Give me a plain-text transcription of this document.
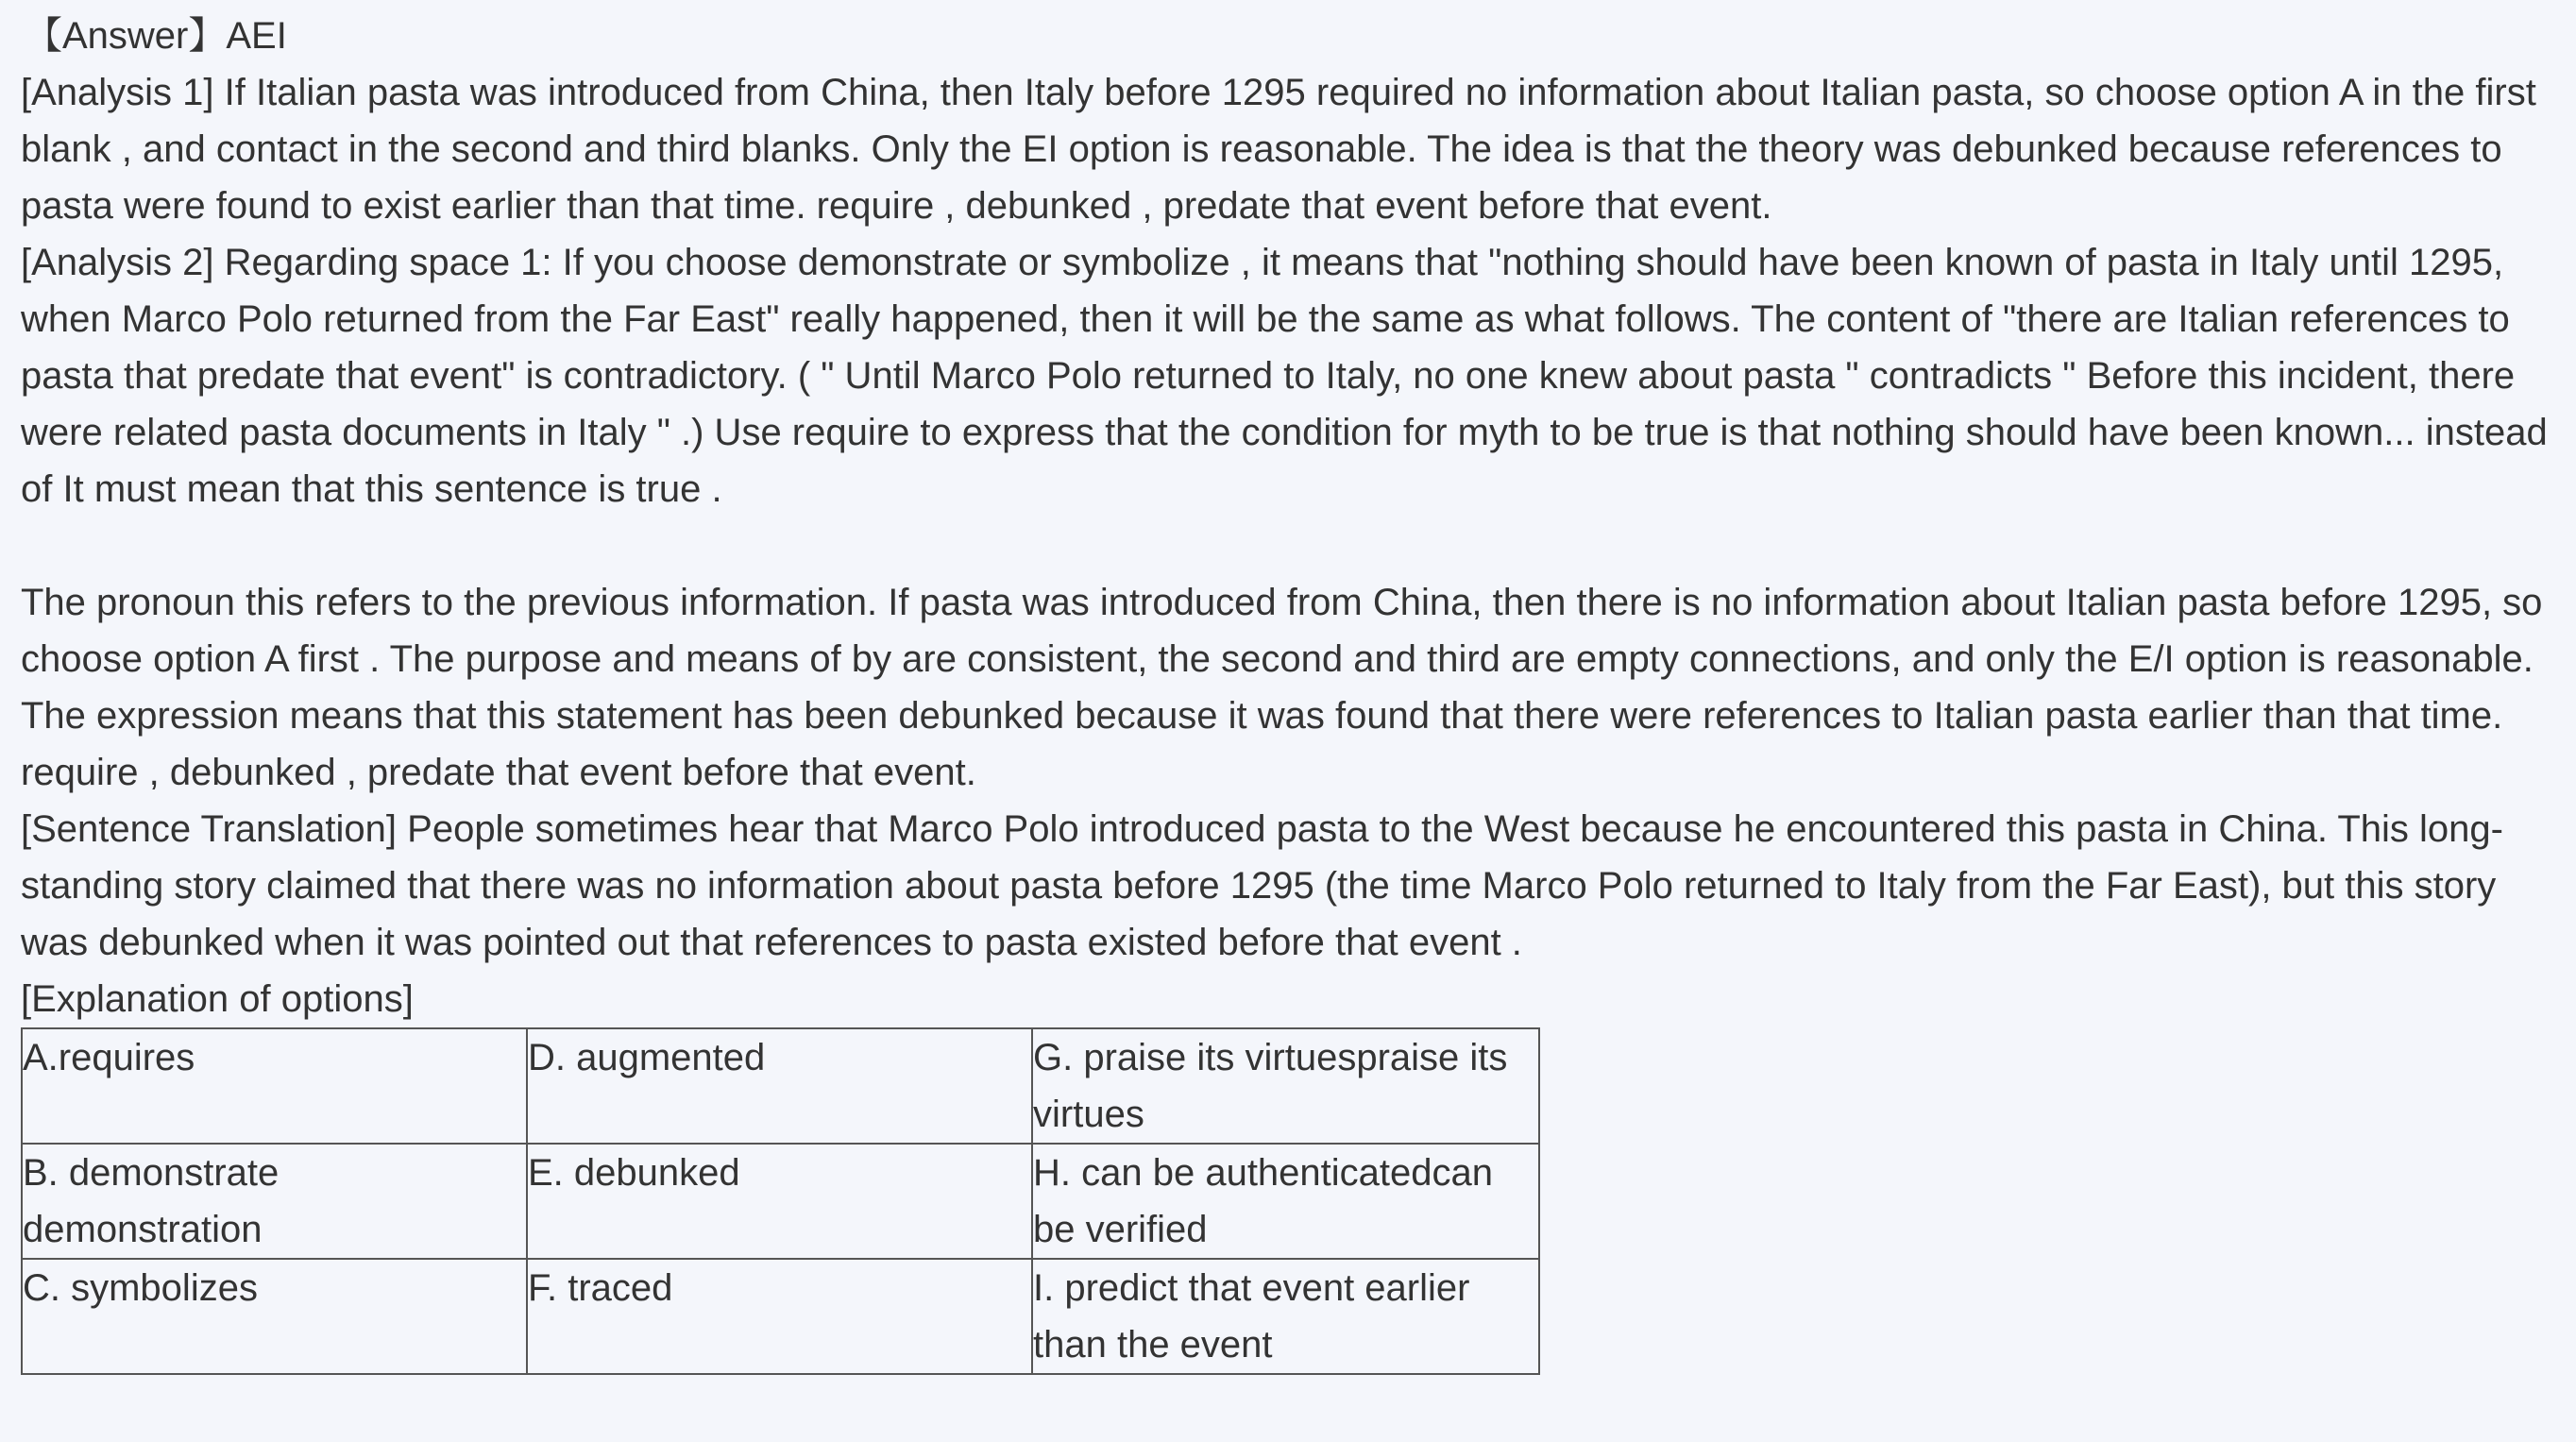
【Answer】AEI

[Analysis 1] If Italian pasta was introduced from China, then Italy before 1295 required no information about Italian pasta, so choose option A in the first blank , and contact in the second and third blanks. Only the EI option is reasonable. The idea is that the theory was debunked because references to pasta were found to exist earlier than that time. require , debunked , predate that event before that event.

[Analysis 2] Regarding space 1: If you choose demonstrate or symbolize , it means that "nothing should have been known of pasta in Italy until 1295, when Marco Polo returned from the Far East" really happened, then it will be the same as what follows. The content of "there are Italian references to pasta that predate that event" is contradictory. ( " Until Marco Polo returned to Italy, no one knew about pasta " contradicts " Before this incident, there were related pasta documents in Italy " .) Use require to express that the condition for myth to be true is that nothing should have been known... instead of It must mean that this sentence is true .

The pronoun this refers to the previous information. If pasta was introduced from China, then there is no information about Italian pasta before 1295, so choose option A first . The purpose and means of by are consistent, the second and third are empty connections, and only the E/I option is reasonable. The expression means that this statement has been debunked because it was found that there were references to Italian pasta earlier than that time. require , debunked , predate that event before that event.

[Sentence Translation] People sometimes hear that Marco Polo introduced pasta to the West because he encountered this pasta in China. This long-standing story claimed that there was no information about pasta before 1295 (the time Marco Polo returned to Italy from the Far East), but this story was debunked when it was pointed out that references to pasta existed before that event .

[Explanation of options]

A.requires	D. augmented	G. praise its virtuespraise its virtues
B. demonstrate demonstration	E. debunked	H. can be authenticatedcan be verified
C. symbolizes	F. traced	I. predict that event earlier than the event
